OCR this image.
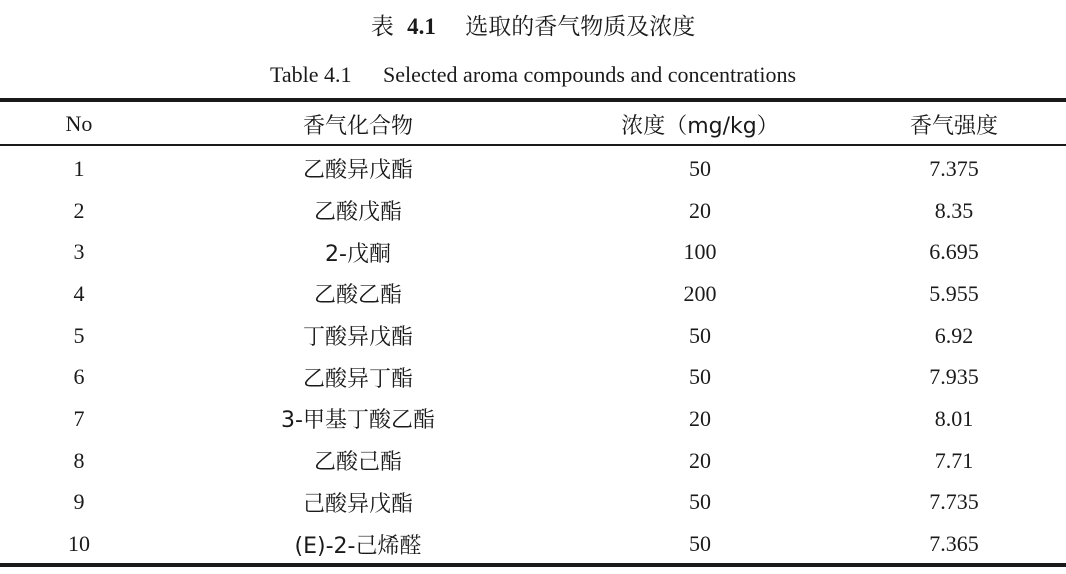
表 4.1 选取的香气物质及浓度
Table 4.1 Selected aroma compounds and concentrations
No	香气化合物	浓度（mg/kg）	香气强度

1	乙酸异戊酯	50	7.375
2	乙酸戊酯	20	8.35
3	2-戊酮	100	6.695
4	乙酸乙酯	200	5.955
5	丁酸异戊酯	50	6.92
6	乙酸异丁酯	50	7.935
7	3-甲基丁酸乙酯	20	8.01
8	乙酸己酯	20	7.71
9	己酸异戊酯	50	7.735
10	(E)-2-己烯醛	50	7.365
